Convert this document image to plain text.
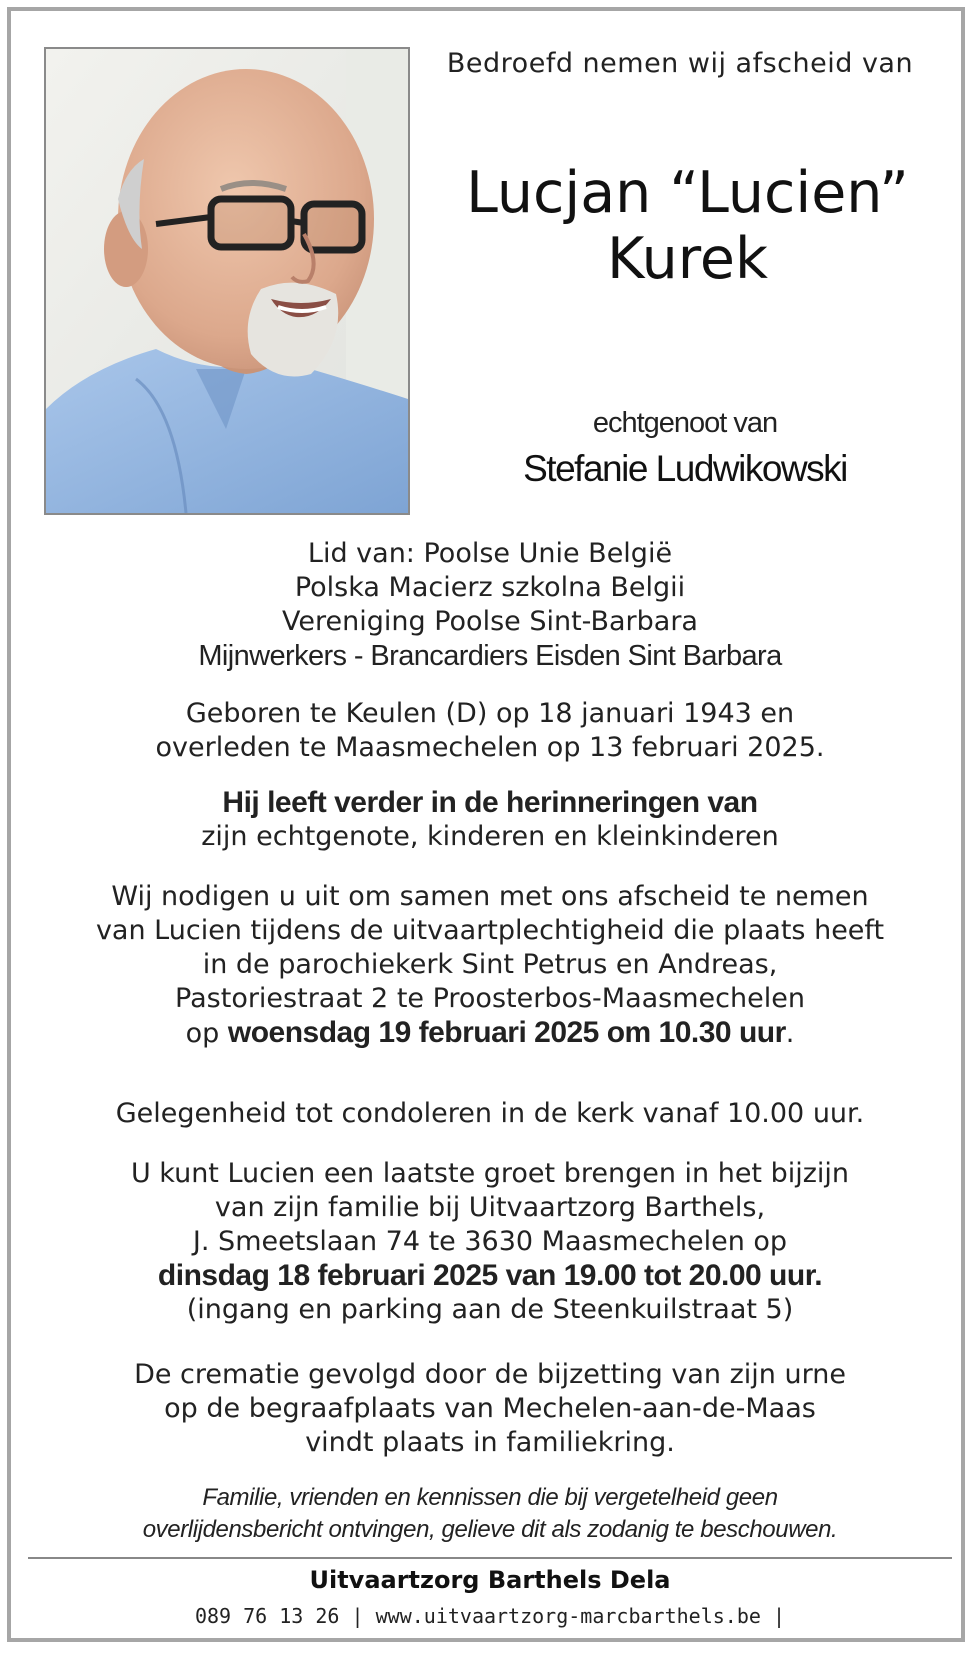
Bedroefd nemen wij afscheid van
Lucjan “Lucien”
Kurek
echtgenoot van
Stefanie Ludwikowski
Lid van: Poolse Unie België
Polska Macierz szkolna Belgii
Vereniging Poolse Sint-Barbara
Mijnwerkers - Brancardiers Eisden Sint Barbara
Geboren te Keulen (D) op 18 januari 1943 en
overleden te Maasmechelen op 13 februari 2025.
Hij leeft verder in de herinneringen van
zijn echtgenote, kinderen en kleinkinderen
Wij nodigen u uit om samen met ons afscheid te nemen
van Lucien tijdens de uitvaartplechtigheid die plaats heeft
in de parochiekerk Sint Petrus en Andreas,
Pastoriestraat 2 te Proosterbos-Maasmechelen
op woensdag 19 februari 2025 om 10.30 uur.
Gelegenheid tot condoleren in de kerk vanaf 10.00 uur.
U kunt Lucien een laatste groet brengen in het bijzijn
van zijn familie bij Uitvaartzorg Barthels,
J. Smeetslaan 74 te 3630 Maasmechelen op
dinsdag 18 februari 2025 van 19.00 tot 20.00 uur.
(ingang en parking aan de Steenkuilstraat 5)
De crematie gevolgd door de bijzetting van zijn urne
op de begraafplaats van Mechelen-aan-de-Maas
vindt plaats in familiekring.
Familie, vrienden en kennissen die bij vergetelheid geen
overlijdensbericht ontvingen, gelieve dit als zodanig te beschouwen.
Uitvaartzorg Barthels Dela
089 76 13 26 | www.uitvaartzorg-marcbarthels.be |
